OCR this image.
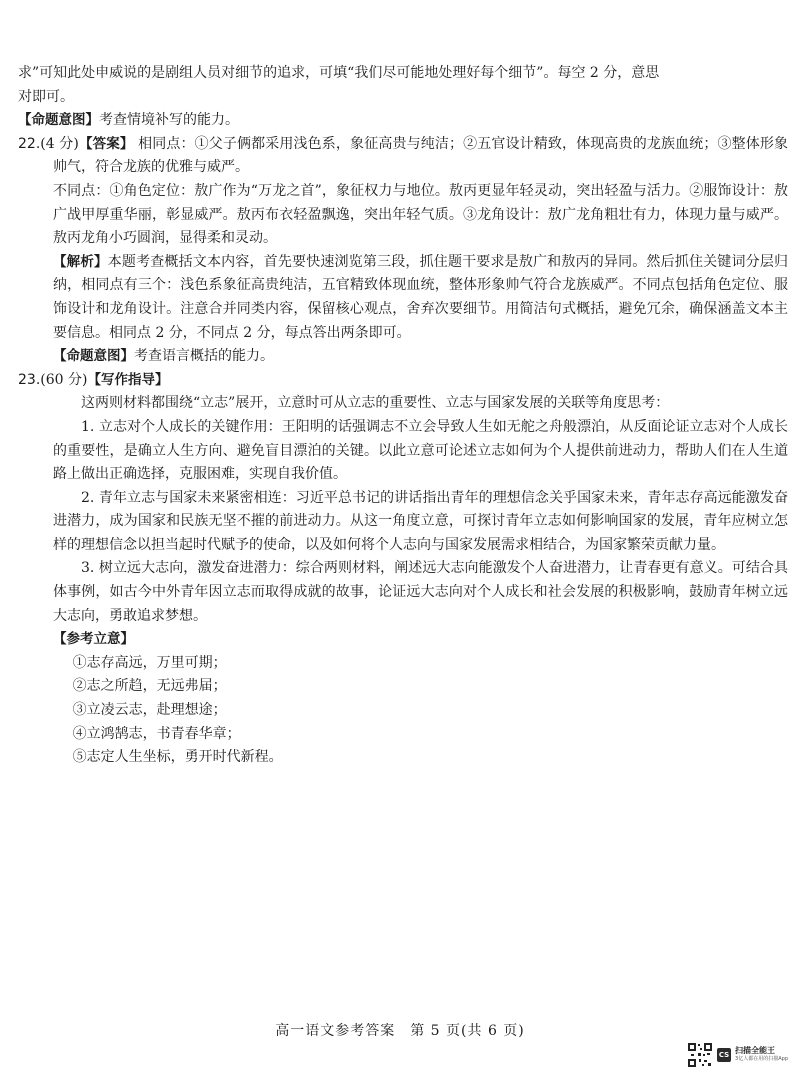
求”可知此处申威说的是剧组人员对细节的追求，可填“我们尽可能地处理好每个细节”。每空 2 分，意思
对即可。

【命题意图】考查情境补写的能力。

22.(4 分)【答案】 相同点：①父子俩都采用浅色系，象征高贵与纯洁；②五官设计精致，体现高贵的龙族血统；③整体形象帅气，符合龙族的优雅与威严。

不同点：①角色定位：敖广作为“万龙之首”，象征权力与地位。敖丙更显年轻灵动，突出轻盈与活力。②服饰设计：敖广战甲厚重华丽，彰显威严。敖丙布衣轻盈飘逸，突出年轻气质。③龙角设计：敖广龙角粗壮有力，体现力量与威严。敖丙龙角小巧圆润，显得柔和灵动。

【解析】本题考查概括文本内容，首先要快速浏览第三段，抓住题干要求是敖广和敖丙的异同。然后抓住关键词分层归纳，相同点有三个：浅色系象征高贵纯洁，五官精致体现血统，整体形象帅气符合龙族威严。不同点包括角色定位、服饰设计和龙角设计。注意合并同类内容，保留核心观点，舍弃次要细节。用简洁句式概括，避免冗余，确保涵盖文本主要信息。相同点 2 分，不同点 2 分，每点答出两条即可。

【命题意图】考查语言概括的能力。

23.(60 分)【写作指导】

这两则材料都围绕“立志”展开，立意时可从立志的重要性、立志与国家发展的关联等角度思考：

1. 立志对个人成长的关键作用：王阳明的话强调志不立会导致人生如无舵之舟般漂泊，从反面论证立志对个人成长的重要性，是确立人生方向、避免盲目漂泊的关键。以此立意可论述立志如何为个人提供前进动力，帮助人们在人生道路上做出正确选择，克服困难，实现自我价值。

2. 青年立志与国家未来紧密相连：习近平总书记的讲话指出青年的理想信念关乎国家未来，青年志存高远能激发奋进潜力，成为国家和民族无坚不摧的前进动力。从这一角度立意，可探讨青年立志如何影响国家的发展，青年应树立怎样的理想信念以担当起时代赋予的使命，以及如何将个人志向与国家发展需求相结合，为国家繁荣贡献力量。

3. 树立远大志向，激发奋进潜力：综合两则材料，阐述远大志向能激发个人奋进潜力，让青春更有意义。可结合具体事例，如古今中外青年因立志而取得成就的故事，论证远大志向对个人成长和社会发展的积极影响，鼓励青年树立远大志向，勇敢追求梦想。

【参考立意】

①志存高远，万里可期；

②志之所趋，无远弗届；

③立凌云志，赴理想途；

④立鸿鹄志，书青春华章；

⑤志定人生坐标，勇开时代新程。

高一语文参考答案　第 5 页(共 6 页)
CS 扫描全能王
3亿人都在用的扫描App
